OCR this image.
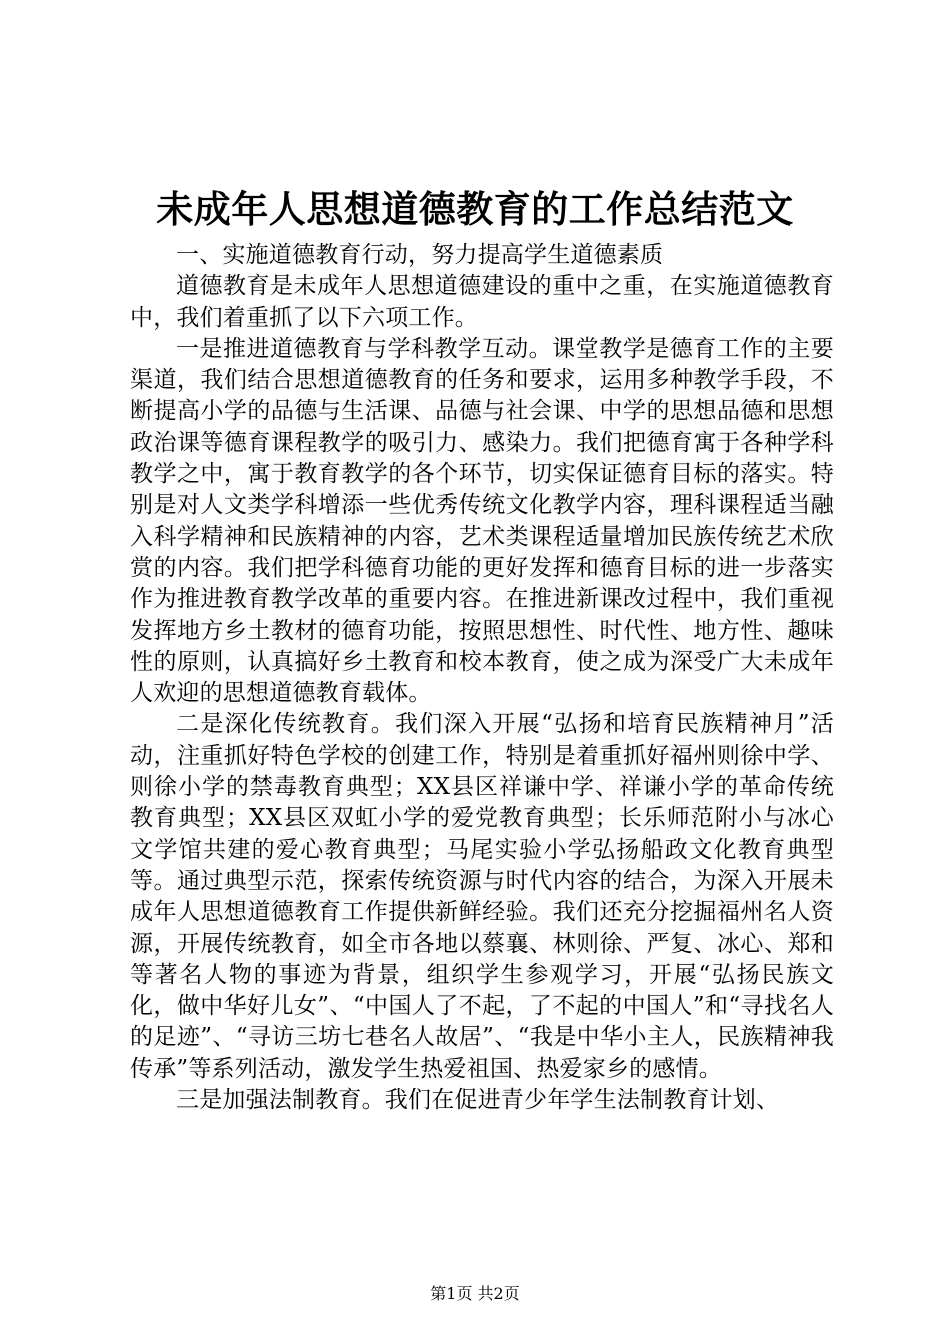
未成年人思想道德教育的工作总结范文

一、实施道德教育行动，努力提高学生道德素质

道德教育是未成年人思想道德建设的重中之重，在实施道德教育中，我们着重抓了以下六项工作。

一是推进道德教育与学科教学互动。课堂教学是德育工作的主要渠道，我们结合思想道德教育的任务和要求，运用多种教学手段，不断提高小学的品德与生活课、品德与社会课、中学的思想品德和思想政治课等德育课程教学的吸引力、感染力。我们把德育寓于各种学科教学之中，寓于教育教学的各个环节，切实保证德育目标的落实。特别是对人文类学科增添一些优秀传统文化教学内容，理科课程适当融入科学精神和民族精神的内容，艺术类课程适量增加民族传统艺术欣赏的内容。我们把学科德育功能的更好发挥和德育目标的进一步落实作为推进教育教学改革的重要内容。在推进新课改过程中，我们重视发挥地方乡土教材的德育功能，按照思想性、时代性、地方性、趣味性的原则，认真搞好乡土教育和校本教育，使之成为深受广大未成年人欢迎的思想道德教育载体。

二是深化传统教育。我们深入开展“弘扬和培育民族精神月”活动，注重抓好特色学校的创建工作，特别是着重抓好福州则徐中学、则徐小学的禁毒教育典型；XX县区祥谦中学、祥谦小学的革命传统教育典型；XX县区双虹小学的爱党教育典型；长乐师范附小与冰心文学馆共建的爱心教育典型；马尾实验小学弘扬船政文化教育典型等。通过典型示范，探索传统资源与时代内容的结合，为深入开展未成年人思想道德教育工作提供新鲜经验。我们还充分挖掘福州名人资源，开展传统教育，如全市各地以蔡襄、林则徐、严复、冰心、郑和等著名人物的事迹为背景，组织学生参观学习，开展“弘扬民族文化，做中华好儿女”、“中国人了不起，了不起的中国人”和“寻找名人的足迹”、“寻访三坊七巷名人故居”、“我是中华小主人，民族精神我传承”等系列活动，激发学生热爱祖国、热爱家乡的感情。

三是加强法制教育。我们在促进青少年学生法制教育计划、

第1页 共2页
